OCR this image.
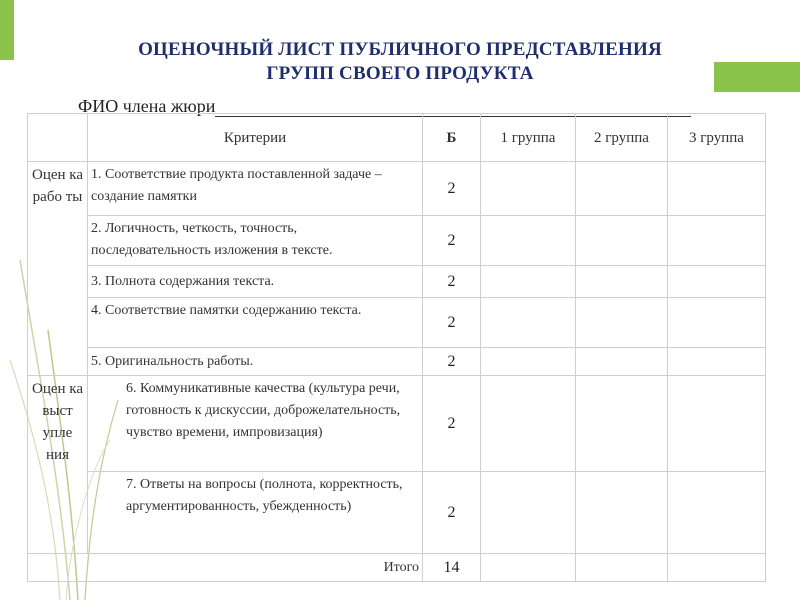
ОЦЕНОЧНЫЙ ЛИСТ ПУБЛИЧНОГО ПРЕДСТАВЛЕНИЯ
ГРУПП СВОЕГО ПРОДУКТА
ФИО члена жюри
	Критерии	Б	1 группа	2 группа	3 группа
Оцен ка рабо ты	1. Соответствие продукта поставленной задаче – создание памятки	2			
	2. Логичность, четкость, точность, последовательность изложения в тексте.	2			
	3. Полнота содержания текста.	2			
	4. Соответствие памятки содержанию текста.	2			
	5. Оригинальность работы.	2			
Оцен ка выст упле ния	6. Коммуникативные качества (культура речи, готовность к дискуссии, доброжелательность, чувство времени, импровизация)	2			
	7. Ответы на вопросы (полнота, корректность, аргументированность, убежденность)	2			
Итого		14			
